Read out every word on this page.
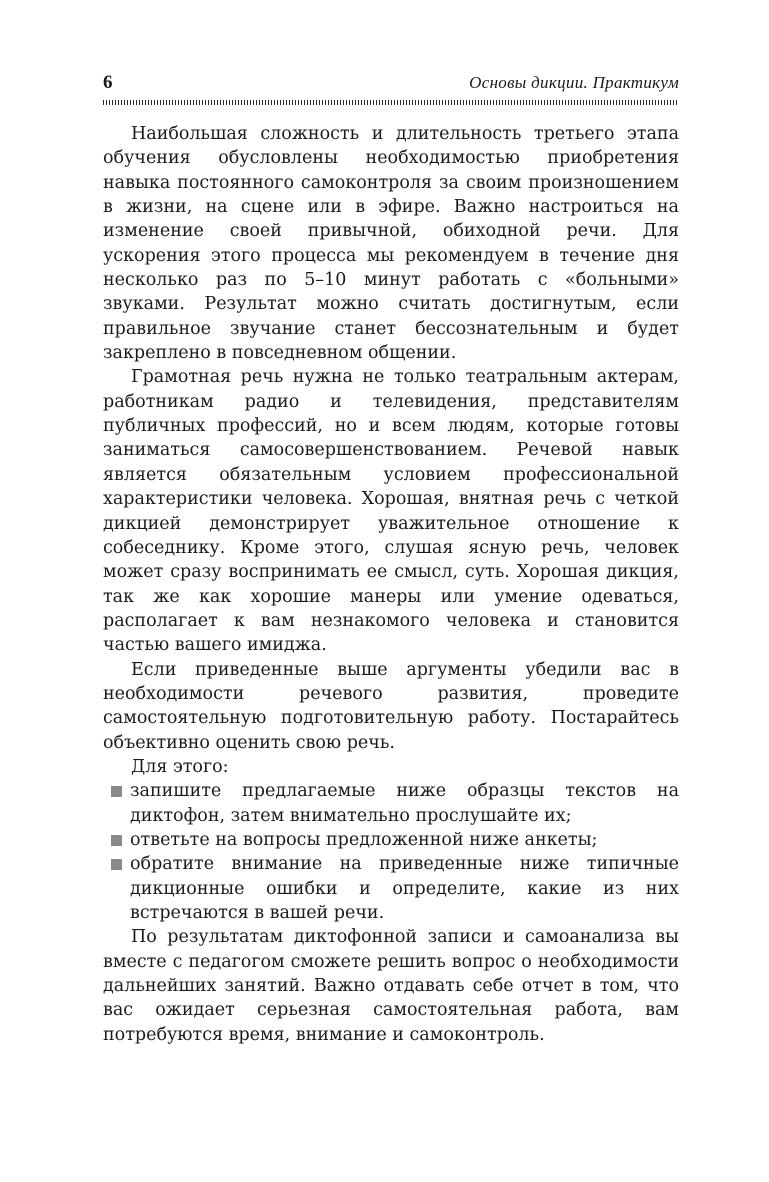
6	Основы дикции. Практикум

Наибольшая сложность и длительность третьего этапа обучения обусловлены необходимостью приобретения навыка постоянного самоконтроля за своим произношением в жизни, на сцене или в эфире. Важно настроиться на изменение своей привычной, обиходной речи. Для ускорения этого процесса мы рекомендуем в течение дня несколько раз по 5–10 минут работать с «больными» звуками. Результат можно считать достигнутым, если правильное звучание станет бессознательным и будет закреплено в повседневном общении.

Грамотная речь нужна не только театральным актерам, работникам радио и телевидения, представителям публичных профессий, но и всем людям, которые готовы заниматься самосовершенствованием. Речевой навык является обязательным условием профессиональной характеристики человека. Хорошая, внятная речь с четкой дикцией демонстрирует уважительное отношение к собеседнику. Кроме этого, слушая ясную речь, человек может сразу воспринимать ее смысл, суть. Хорошая дикция, так же как хорошие манеры или умение одеваться, располагает к вам незнакомого человека и становится частью вашего имиджа.

Если приведенные выше аргументы убедили вас в необходимости речевого развития, проведите самостоятельную подготовительную работу. Постарайтесь объективно оценить свою речь.

Для этого:

запишите предлагаемые ниже образцы текстов на диктофон, затем внимательно прослушайте их;
ответьте на вопросы предложенной ниже анкеты;
обратите внимание на приведенные ниже типичные дикционные ошибки и определите, какие из них встречаются в вашей речи.

По результатам диктофонной записи и самоанализа вы вместе с педагогом сможете решить вопрос о необходимости дальнейших занятий. Важно отдавать себе отчет в том, что вас ожидает серьезная самостоятельная работа, вам потребуются время, внимание и самоконтроль.
